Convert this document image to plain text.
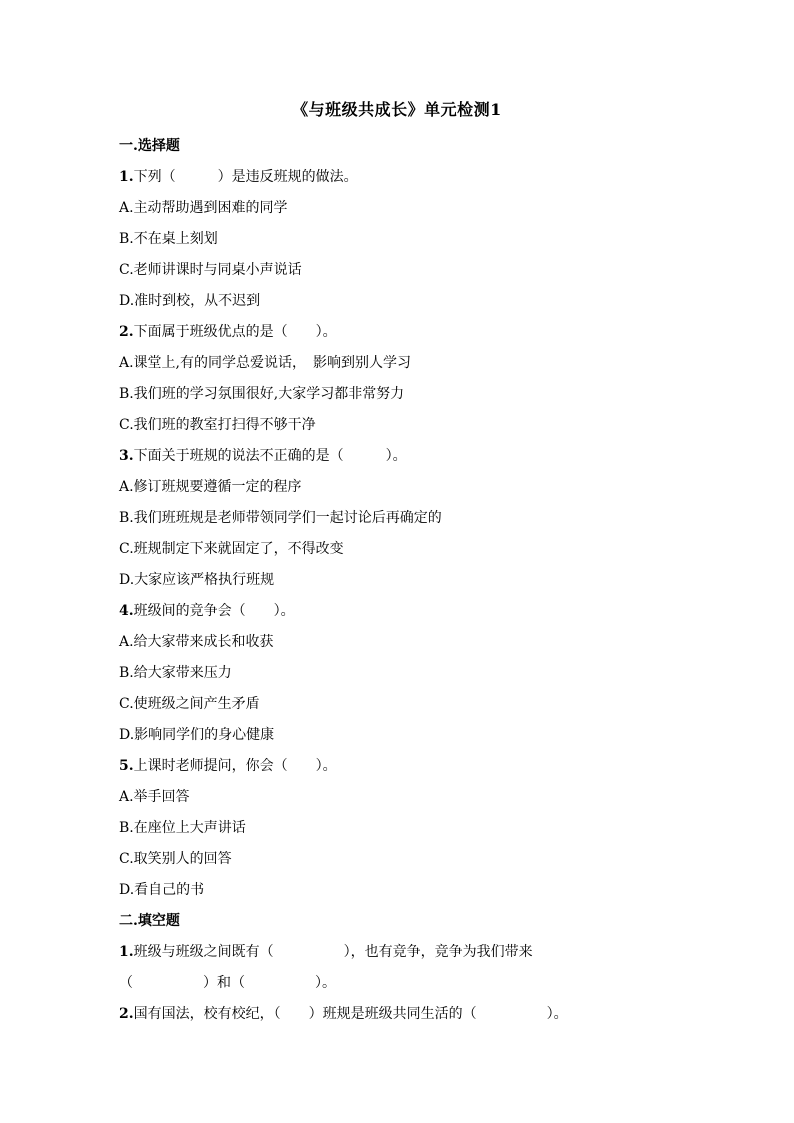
《与班级共成长》单元检测1
一.选择题
1.下列（　　　）是违反班规的做法。
A.主动帮助遇到困难的同学
B.不在桌上刻划
C.老师讲课时与同桌小声说话
D.准时到校，从不迟到
2.下面属于班级优点的是（　　）。
A.课堂上,有的同学总爱说话，　影响到别人学习
B.我们班的学习氛围很好,大家学习都非常努力
C.我们班的教室打扫得不够干净
3.下面关于班规的说法不正确的是（　　　）。
A.修订班规要遵循一定的程序
B.我们班班规是老师带领同学们一起讨论后再确定的
C.班规制定下来就固定了，不得改变
D.大家应该严格执行班规
4.班级间的竞争会（　　）。
A.给大家带来成长和收获
B.给大家带来压力
C.使班级之间产生矛盾
D.影响同学们的身心健康
5.上课时老师提问，你会（　　）。
A.举手回答
B.在座位上大声讲话
C.取笑别人的回答
D.看自己的书
二.填空题
1.班级与班级之间既有（　　　　　），也有竞争，竞争为我们带来
（　　　　　）和（　　　　　）。
2.国有国法，校有校纪，（　　）班规是班级共同生活的（　　　　　）。
